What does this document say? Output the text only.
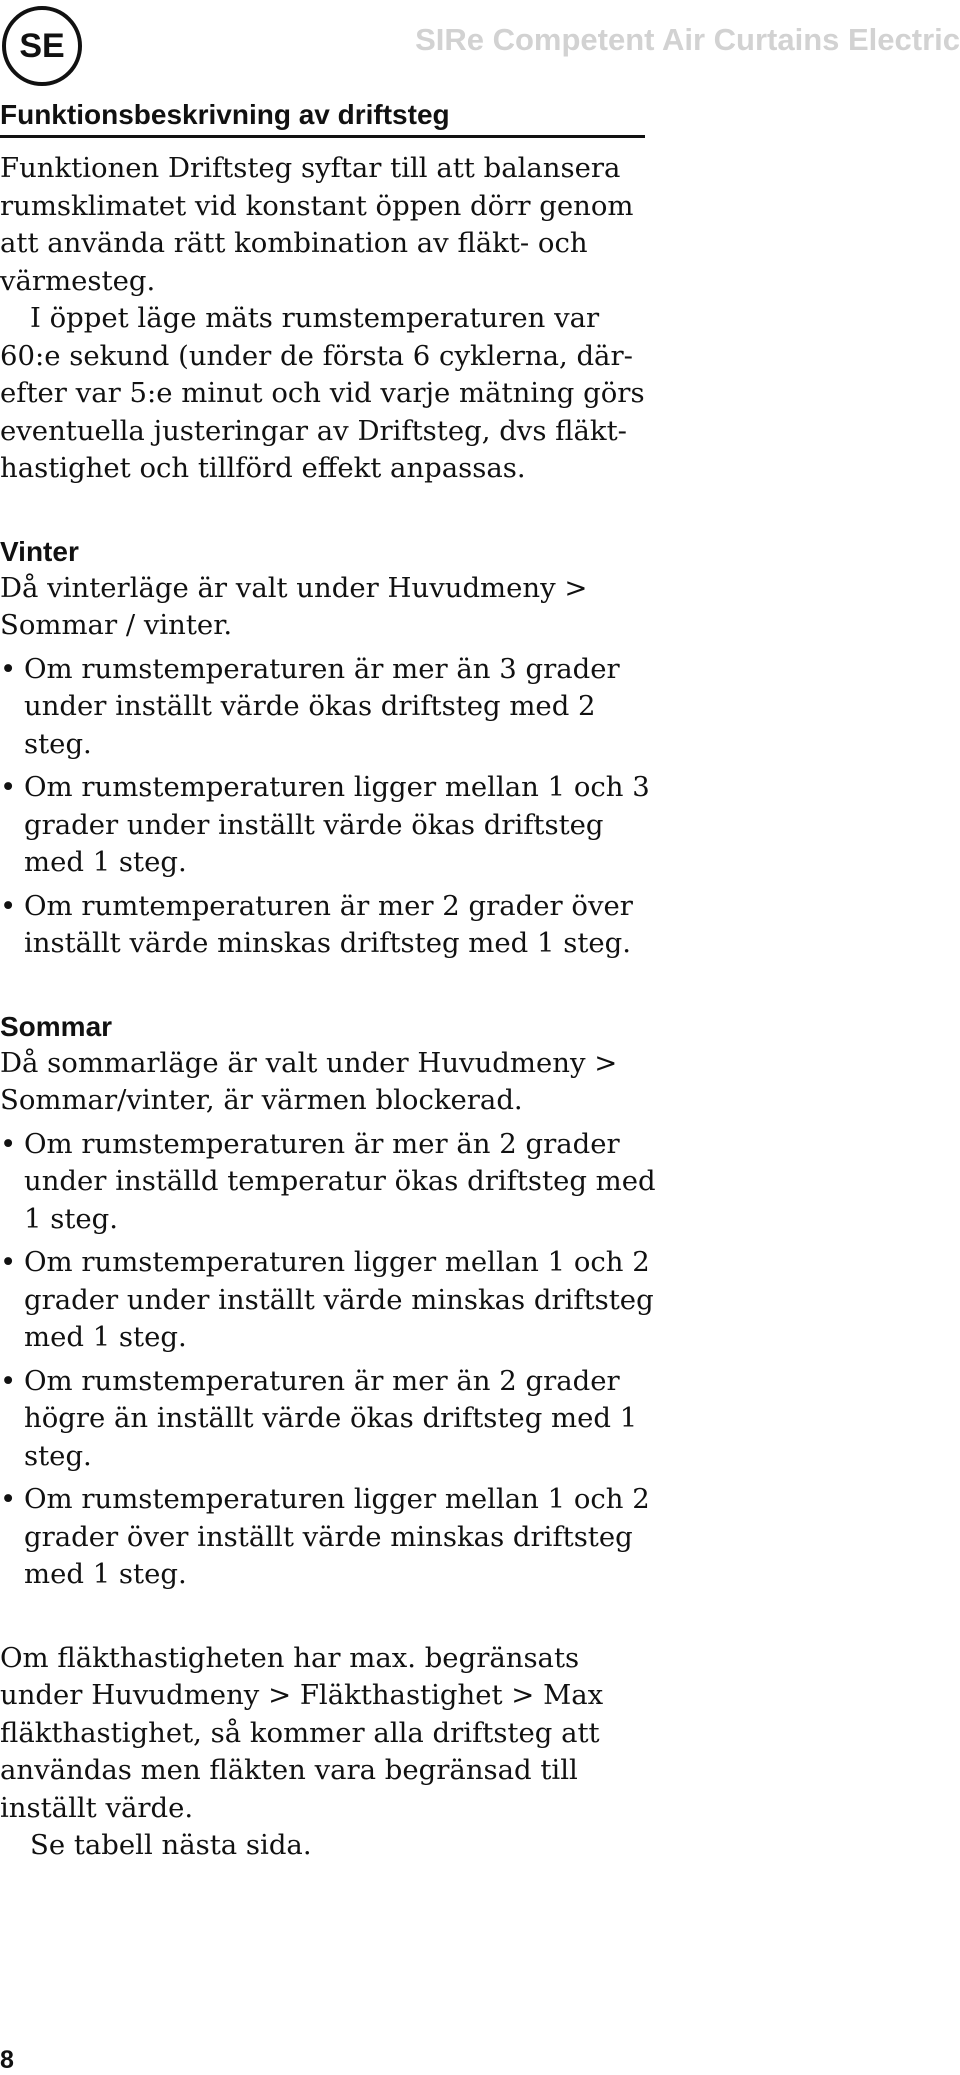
SE	SIRe Competent Air Curtains Electric
Funktionsbeskrivning av driftsteg

Funktionen Driftsteg syftar till att balansera rumsklimatet vid konstant öppen dörr genom att använda rätt kombination av fläkt- och värmesteg.

I öppet läge mäts rumstemperaturen var 60:e sekund (under de första 6 cyklerna, där-efter var 5:e minut och vid varje mätning görs eventuella justeringar av Driftsteg, dvs fläkt-hastighet och tillförd effekt anpassas.

Vinter

Då vinterläge är valt under Huvudmeny > Sommar / vinter.

• Om rumstemperaturen är mer än 3 grader under inställt värde ökas driftsteg med 2 steg.
• Om rumstemperaturen ligger mellan 1 och 3 grader under inställt värde ökas driftsteg med 1 steg.
• Om rumtemperaturen är mer 2 grader över inställt värde minskas driftsteg med 1 steg.
Sommar

Då sommarläge är valt under Huvudmeny > Sommar/vinter, är värmen blockerad.

• Om rumstemperaturen är mer än 2 grader under inställd temperatur ökas driftsteg med 1 steg.
• Om rumstemperaturen ligger mellan 1 och 2 grader under inställt värde minskas driftsteg med 1 steg.
• Om rumstemperaturen är mer än 2 grader högre än inställt värde ökas driftsteg med 1 steg.
• Om rumstemperaturen ligger mellan 1 och 2 grader över inställt värde minskas driftsteg med 1 steg.

Om fläkthastigheten har max. begränsats under Huvudmeny > Fläkthastighet > Max fläkthastighet, så kommer alla driftsteg att användas men fläkten vara begränsad till inställt värde.

Se tabell nästa sida.

8
